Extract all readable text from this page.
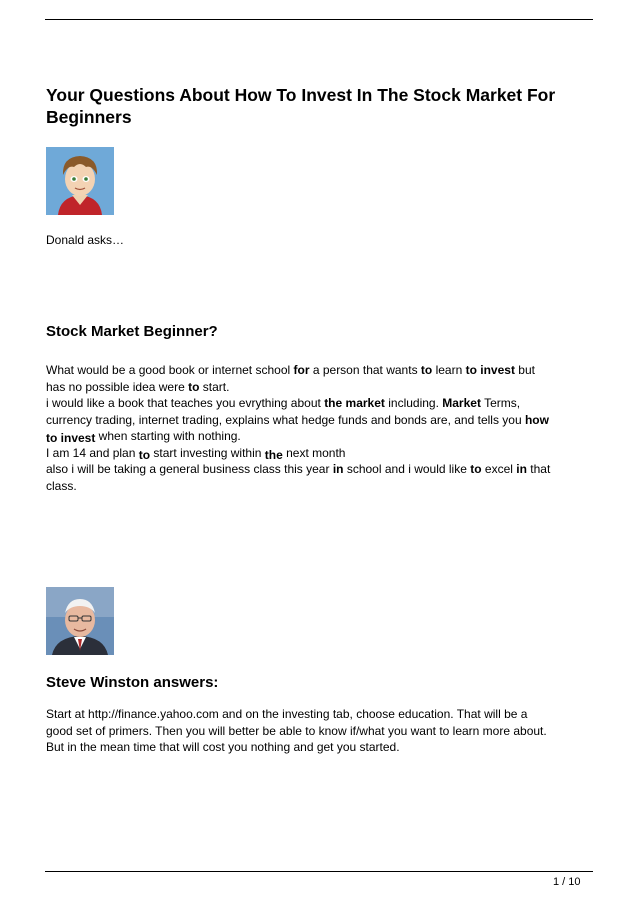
Your Questions About How To Invest In The Stock Market For Beginners

Donald asks…

Stock Market Beginner?

What would be a good book or internet school for a person that wants to learn to invest but
has no possible idea were to start.
i would like a book that teaches you evrything about the market including. Market Terms,
currency trading, internet trading, explains what hedge funds and bonds are, and tells you how
to invest when starting with nothing.
I am 14 and plan to start investing within the next month
also i will be taking a general business class this year in school and i would like to excel in that
class.

Steve Winston answers:

Start at http://finance.yahoo.com and on the investing tab, choose education. That will be a
good set of primers. Then you will better be able to know if/what you want to learn more about.
But in the mean time that will cost you nothing and get you started.

1 / 10
